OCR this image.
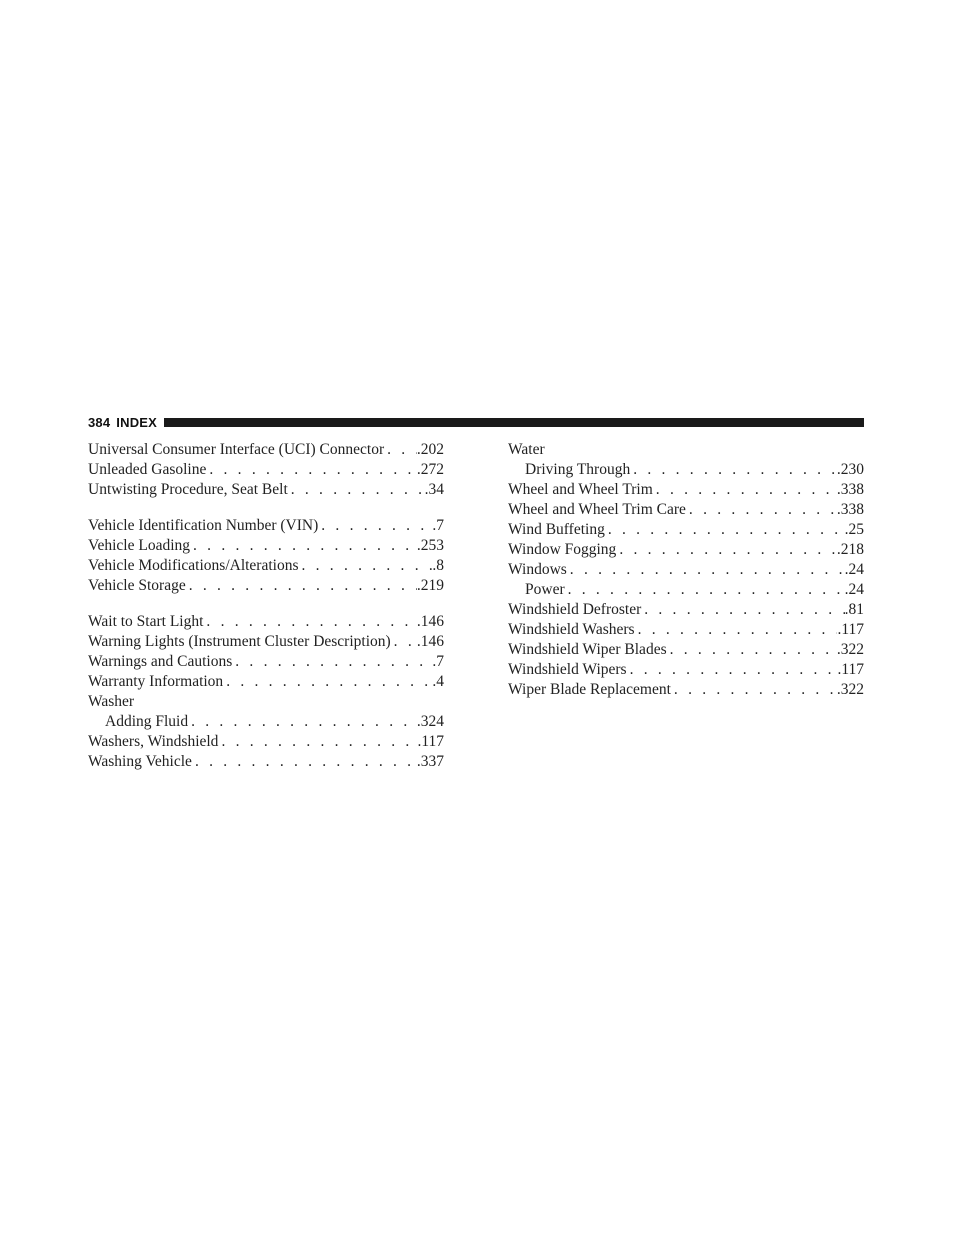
384 INDEX
Universal Consumer Interface (UCI) Connector . . . .202
Unleaded Gasoline . . .	.272
Untwisting Procedure, Seat Belt . . .	.34
Vehicle Identification Number (VIN) . . .	.7
Vehicle Loading . . .	.253
Vehicle Modifications/Alterations . . .	.8
Vehicle Storage . . .	.219
Wait to Start Light . . .	.146
Warning Lights (Instrument Cluster Description) . . . .146
Warnings and Cautions . . .	.7
Warranty Information . . .	.4
Washer
Adding Fluid . . .	.324
Washers, Windshield . . .	.117
Washing Vehicle . . .	.337
Water
Driving Through . . .	.230
Wheel and Wheel Trim . . .	.338
Wheel and Wheel Trim Care . . .	.338
Wind Buffeting . . .	.25
Window Fogging . . .	.218
Windows . . .	.24
Power . . .	.24
Windshield Defroster . . .	.81
Windshield Washers . . .	.117
Windshield Wiper Blades . . .	.322
Windshield Wipers . . .	.117
Wiper Blade Replacement . . .	.322
